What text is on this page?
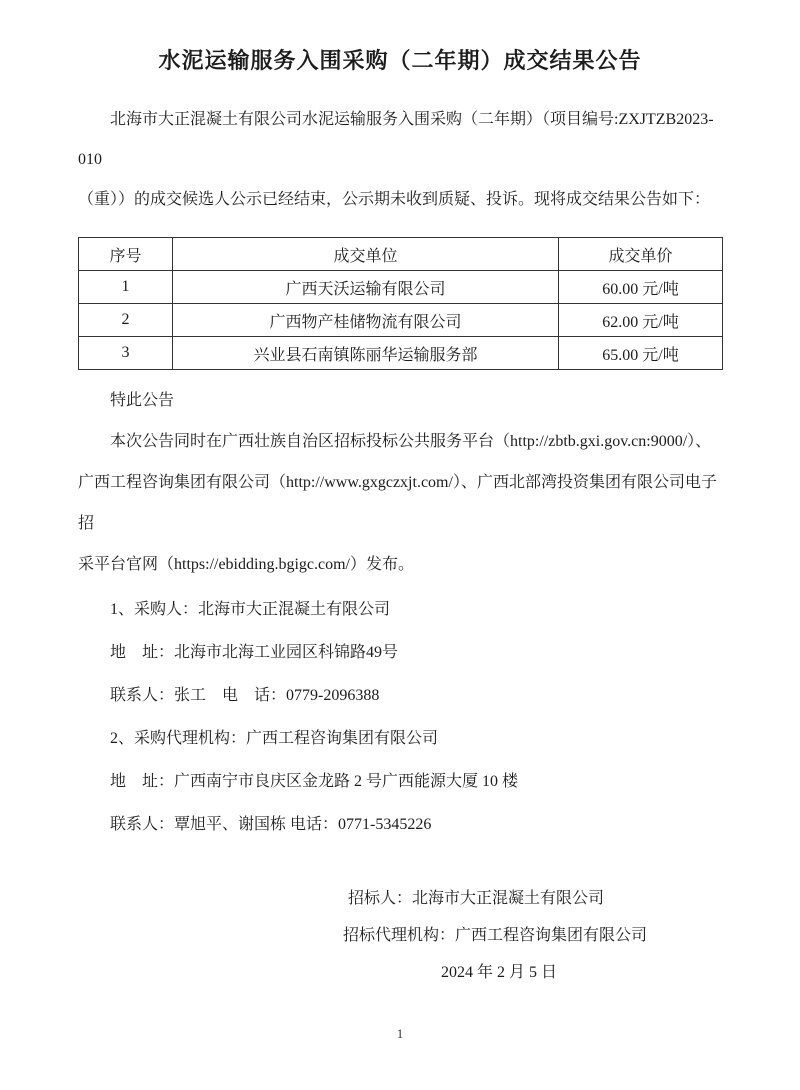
水泥运输服务入围采购（二年期）成交结果公告
北海市大正混凝土有限公司水泥运输服务入围采购（二年期）（项目编号:ZXJTZB2023-010
（重））的成交候选人公示已经结束，公示期未收到质疑、投诉。现将成交结果公告如下：
序号	成交单位	成交单价
1	广西天沃运输有限公司	60.00 元/吨
2	广西物产桂储物流有限公司	62.00 元/吨
3	兴业县石南镇陈丽华运输服务部	65.00 元/吨
特此公告
本次公告同时在广西壮族自治区招标投标公共服务平台（http://zbtb.gxi.gov.cn:9000/）、
广西工程咨询集团有限公司（http://www.gxgczxjt.com/）、广西北部湾投资集团有限公司电子招
采平台官网（https://ebidding.bgigc.com/）发布。
1、采购人：北海市大正混凝土有限公司
地　址：北海市北海工业园区科锦路49号
联系人：张工　电　话：0779-2096388
2、采购代理机构：广西工程咨询集团有限公司
地　址：广西南宁市良庆区金龙路 2 号广西能源大厦 10 楼
联系人：覃旭平、谢国栋 电话：0771-5345226
招标人：北海市大正混凝土有限公司
招标代理机构：广西工程咨询集团有限公司
2024 年 2 月 5 日
1
